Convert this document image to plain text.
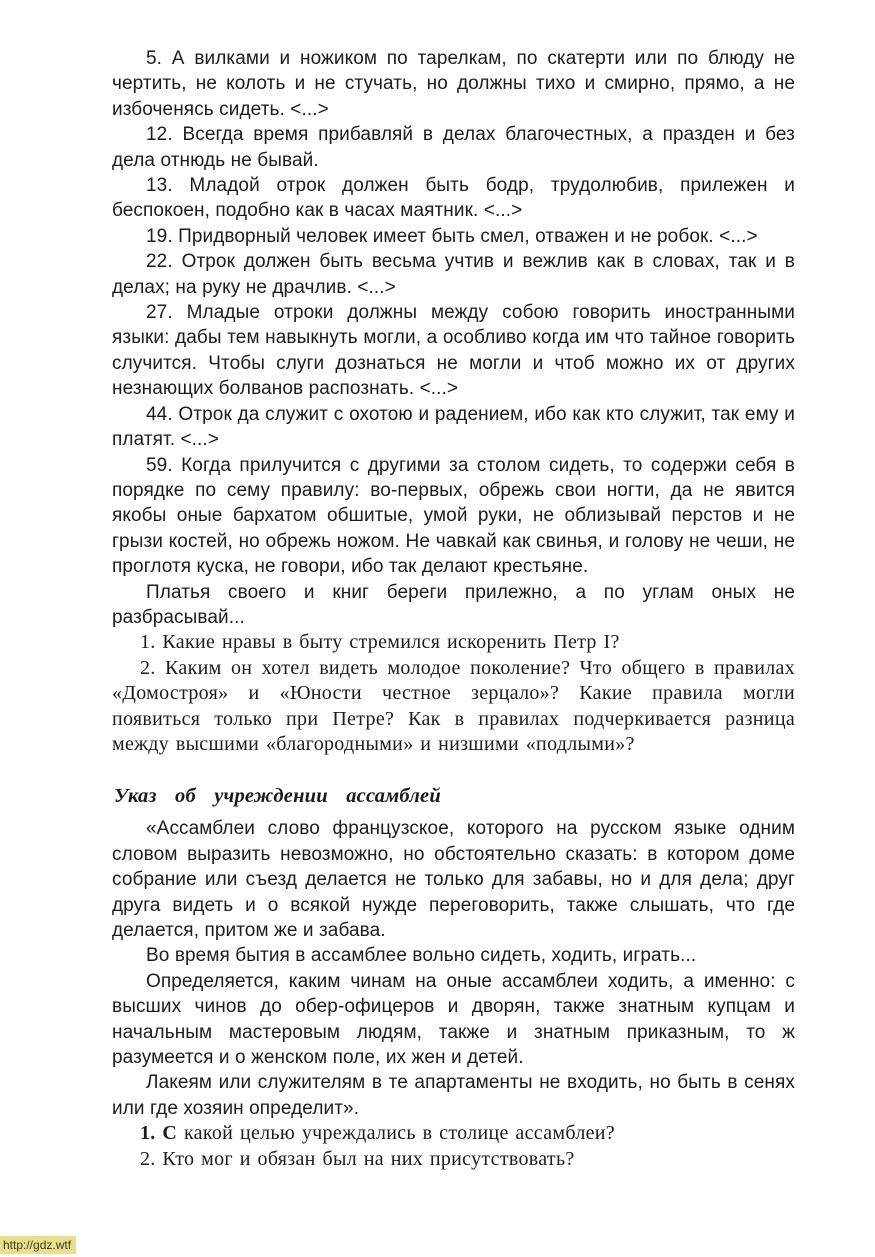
5. А вилками и ножиком по тарелкам, по скатерти или по блюду не чертить, не колоть и не стучать, но должны тихо и смирно, прямо, а не избоченясь сидеть. <...>

12. Всегда время прибавляй в делах благочестных, а празден и без дела отнюдь не бывай.

13. Младой отрок должен быть бодр, трудолюбив, прилежен и беспокоен, подобно как в часах маятник. <...>

19. Придворный человек имеет быть смел, отважен и не робок. <...>

22. Отрок должен быть весьма учтив и вежлив как в словах, так и в делах; на руку не драчлив. <...>

27. Младые отроки должны между собою говорить иностранными языки: дабы тем навыкнуть могли, а особливо когда им что тайное говорить случится. Чтобы слуги дознаться не могли и чтоб можно их от других незнающих болванов распознать. <...>

44. Отрок да служит с охотою и радением, ибо как кто служит, так ему и платят. <...>

59. Когда прилучится с другими за столом сидеть, то содержи себя в порядке по сему правилу: во-первых, обрежь свои ногти, да не явится якобы оные бархатом обшитые, умой руки, не облизывай перстов и не грызи костей, но обрежь ножом. Не чавкай как свинья, и голову не чеши, не проглотя куска, не говори, ибо так делают крестьяне.

Платья своего и книг береги прилежно, а по углам оных не разбрасывай...

1. Какие нравы в быту стремился искоренить Петр I?

2. Каким он хотел видеть молодое поколение? Что общего в правилах «Домостроя» и «Юности честное зерцало»? Какие правила могли появиться только при Петре? Как в правилах подчеркивается разница между высшими «благородными» и низшими «подлыми»?

Указ об учреждении ассамблей

«Ассамблеи слово французское, которого на русском языке одним словом выразить невозможно, но обстоятельно сказать: в котором доме собрание или съезд делается не только для забавы, но и для дела; друг друга видеть и о всякой нужде переговорить, также слышать, что где делается, притом же и забава.

Во время бытия в ассамблее вольно сидеть, ходить, играть...

Определяется, каким чинам на оные ассамблеи ходить, а именно: с высших чинов до обер-офицеров и дворян, также знатным купцам и начальным мастеровым людям, также и знатным приказным, то ж разумеется и о женском поле, их жен и детей.

Лакеям или служителям в те апартаменты не входить, но быть в сенях или где хозяин определит».

1. С какой целью учреждались в столице ассамблеи?

2. Кто мог и обязан был на них присутствовать?

http://gdz.wtf
